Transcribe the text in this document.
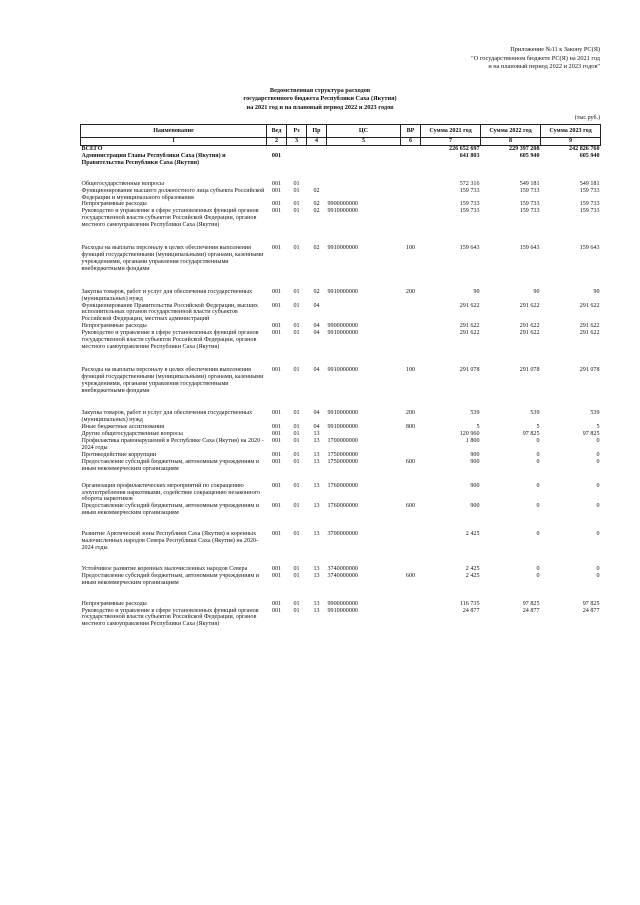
Приложение №11 к Закону РС(Я)
"О государственном бюджете РС(Я) на 2021 год
и на плановый период 2022 и 2023 годов"
Ведомственная структура расходов
государственного бюджета Республики Саха (Якутия)
на 2021 год и на плановый период 2022 и 2023 годов
(тыс.руб.)
Наименование	Вед	Рз	Пр	ЦС	ВР	Сумма 2021 год	Сумма 2022 год	Сумма 2023 год
1	2	3	4	5	6	7	8	9
ВСЕГО						226 652 697	229 397 208	242 826 760
Администрация Главы Республики Саха (Якутия) и Правительства Республики Саха (Якутия)	001					641 803	605 940	605 940
Общегосударственные вопросы	001	01				572 316	549 181	549 181
Функционирование высшего должностного лица субъекта Российской Федерации и муниципального образования	001	01	02			159 733	159 733	159 733
Непрограммные расходы	001	01	02	9900000000		159 733	159 733	159 733
Руководство и управление в сфере установленных функций органов государственной власти субъектов Российской Федерации, органов местного самоуправления Республики Саха (Якутия)	001	01	02	9910000000		159 733	159 733	159 733
Расходы на выплаты персоналу в целях обеспечения выполнения функций государственными (муниципальными) органами, казенными учреждениями, органами управления государственными внебюджетными фондами	001	01	02	9910000000	100	159 643	159 643	159 643
Закупка товаров, работ и услуг для обеспечения государственных (муниципальных) нужд	001	01	02	9910000000	200	90	90	90
Функционирование Правительства Российской Федерации, высших исполнительных органов государственной власти субъектов Российской Федерации, местных администраций	001	01	04			291 622	291 622	291 622
Непрограммные расходы	001	01	04	9900000000		291 622	291 622	291 622
Руководство и управление в сфере установленных функций органов государственной власти субъектов Российской Федерации, органов местного самоуправления Республики Саха (Якутия)	001	01	04	9910000000		291 622	291 622	291 622
Расходы на выплаты персоналу в целях обеспечения выполнения функций государственными (муниципальными) органами, казенными учреждениями, органами управления государственными внебюджетными фондами	001	01	04	9910000000	100	291 078	291 078	291 078
Закупка товаров, работ и услуг для обеспечения государственных (муниципальных) нужд	001	01	04	9910000000	200	539	539	539
Иные бюджетные ассигнования	001	01	04	9910000000	800	5	5	5
Другие общегосударственные вопросы	001	01	13			120 960	97 825	97 825
Профилактика правонарушений в Республике Саха (Якутия) на 2020 - 2024 годы	001	01	13	1700000000		1 800	0	0
Противодействие коррупции	001	01	13	1750000000		900	0	0
Предоставление субсидий бюджетным, автономным учреждениям и иным некоммерческим организациям	001	01	13	1750000000	600	900	0	0
Организация профилактических мероприятий по сокращению злоупотребления наркотиками, содействие сокращению незаконного оборота наркотиков	001	01	13	1760000000		900	0	0
Предоставление субсидий бюджетным, автономным учреждениям и иным некоммерческим организациям	001	01	13	1760000000	600	900	0	0
Развитие Арктической зоны Республики Саха (Якутия) и коренных малочисленных народов Севера Республики Саха (Якутия) на 2020-2024 годы	001	01	13	3700000000		2 425	0	0
Устойчивое развитие коренных малочисленных народов Севера	001	01	13	3740000000		2 425	0	0
Предоставление субсидий бюджетным, автономным учреждениям и иным некоммерческим организациям	001	01	13	3740000000	600	2 425	0	0
Непрограммные расходы	001	01	13	9900000000		116 735	97 825	97 825
Руководство и управление в сфере установленных функций органов государственной власти субъектов Российской Федерации, органов местного самоуправления Республики Саха (Якутия)	001	01	13	9910000000		24 877	24 877	24 877
